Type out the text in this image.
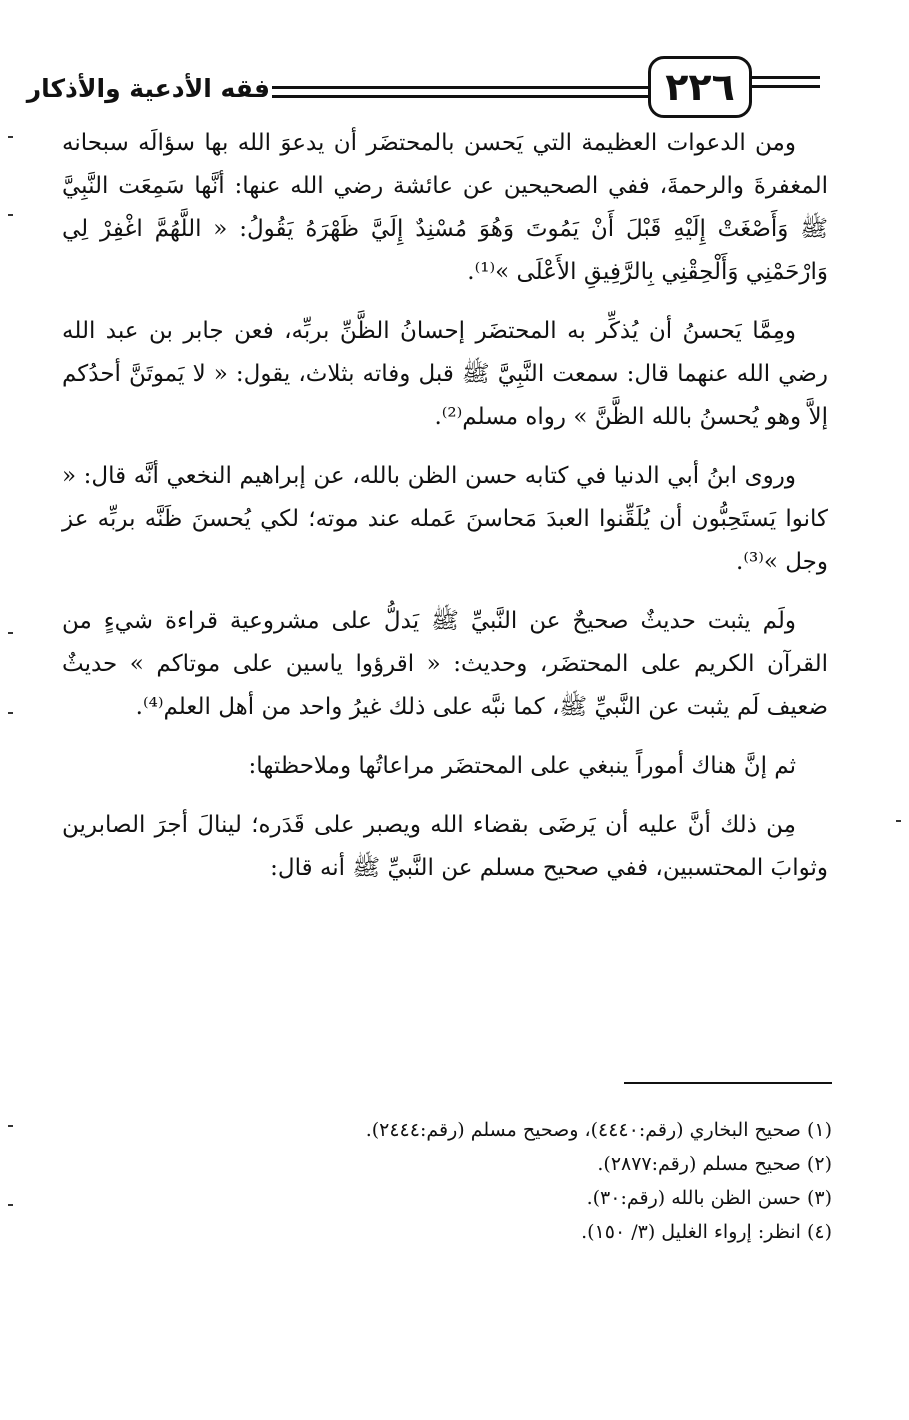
فقه الأدعية والأذكار	٢٢٦

ومن الدعوات العظيمة التي يَحسن بالمحتضَر أن يدعوَ الله بها سؤالَه سبحانه المغفرةَ والرحمةَ، ففي الصحيحين عن عائشة رضي الله عنها: أنَّها سَمِعَت النَّبِيَّ ﷺ وَأَصْغَتْ إِلَيْهِ قَبْلَ أَنْ يَمُوتَ وَهُوَ مُسْنِدٌ إِلَيَّ ظَهْرَهُ يَقُولُ: « اللَّهُمَّ اغْفِرْ لِي وَارْحَمْنِي وَأَلْحِقْنِي بِالرَّفِيقِ الأَعْلَى »⁽¹⁾.

ومِمَّا يَحسنُ أن يُذكِّر به المحتضَر إحسانُ الظَّنِّ بربِّه، فعن جابر بن عبد الله رضي الله عنهما قال: سمعت النَّبِيَّ ﷺ قبل وفاته بثلاث، يقول: « لا يَموتَنَّ أحدُكم إلاَّ وهو يُحسنُ بالله الظَّنَّ » رواه مسلم⁽²⁾.

وروى ابنُ أبي الدنيا في كتابه حسن الظن بالله، عن إبراهيم النخعي أنَّه قال: « كانوا يَستَحِبُّون أن يُلَقِّنوا العبدَ مَحاسنَ عَمله عند موته؛ لكي يُحسنَ ظَنَّه بربِّه عز وجل »⁽³⁾.

ولَم يثبت حديثٌ صحيحٌ عن النَّبيِّ ﷺ يَدلُّ على مشروعية قراءة شيءٍ من القرآن الكريم على المحتضَر، وحديث: « اقرؤوا ياسين على موتاكم » حديثٌ ضعيف لَم يثبت عن النَّبيِّ ﷺ، كما نبَّه على ذلك غيرُ واحد من أهل العلم⁽⁴⁾.

ثم إنَّ هناك أموراً ينبغي على المحتضَر مراعاتُها وملاحظتها:

مِن ذلك أنَّ عليه أن يَرضَى بقضاء الله ويصبر على قَدَره؛ لينالَ أجرَ الصابرين وثوابَ المحتسبين، ففي صحيح مسلم عن النَّبيِّ ﷺ أنه قال:

(١) صحيح البخاري (رقم:٤٤٤٠)، وصحيح مسلم (رقم:٢٤٤٤).
(٢) صحيح مسلم (رقم:٢٨٧٧).
(٣) حسن الظن بالله (رقم:٣٠).
(٤) انظر: إرواء الغليل (٣/ ١٥٠).
